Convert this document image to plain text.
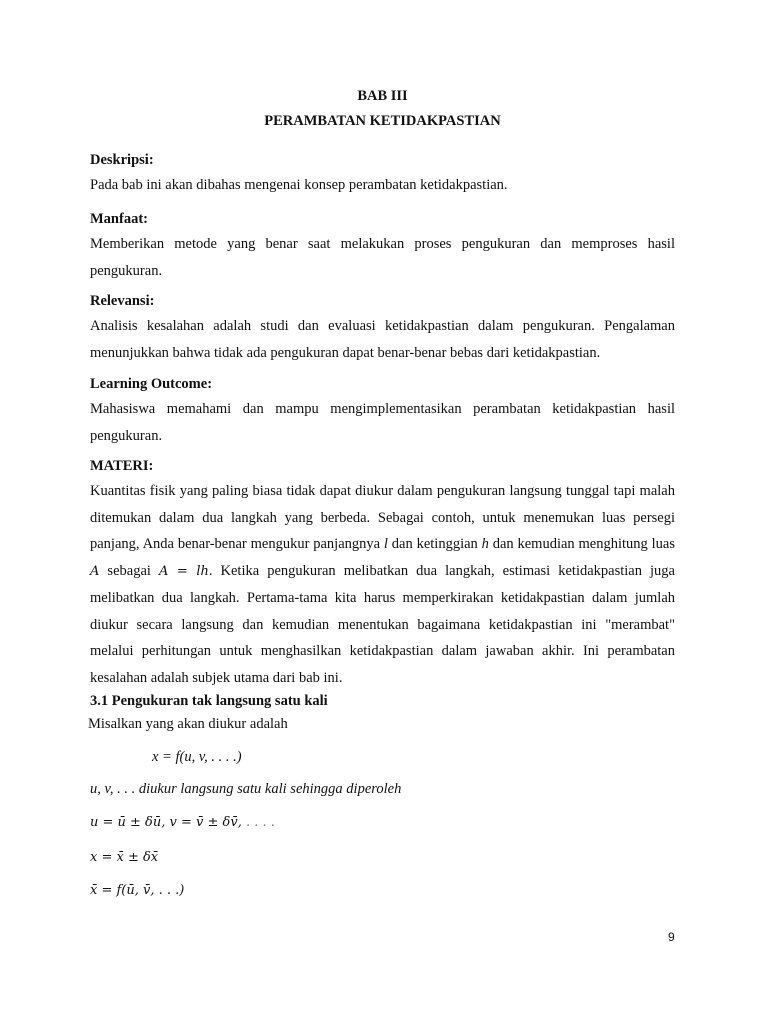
BAB III
PERAMBATAN KETIDAKPASTIAN
Deskripsi:
Pada bab ini akan dibahas mengenai konsep perambatan ketidakpastian.
Manfaat:
Memberikan metode yang benar saat melakukan proses pengukuran dan memproses hasil pengukuran.
Relevansi:
Analisis kesalahan adalah studi dan evaluasi ketidakpastian dalam pengukuran. Pengalaman menunjukkan bahwa tidak ada pengukuran dapat benar-benar bebas dari ketidakpastian.
Learning Outcome:
Mahasiswa memahami dan mampu mengimplementasikan perambatan ketidakpastian hasil pengukuran.
MATERI:
Kuantitas fisik yang paling biasa tidak dapat diukur dalam pengukuran langsung tunggal tapi malah ditemukan dalam dua langkah yang berbeda. Sebagai contoh, untuk menemukan luas persegi panjang, Anda benar-benar mengukur panjangnya l dan ketinggian h dan kemudian menghitung luas A sebagai A = lh. Ketika pengukuran melibatkan dua langkah, estimasi ketidakpastian juga melibatkan dua langkah. Pertama-tama kita harus memperkirakan ketidakpastian dalam jumlah diukur secara langsung dan kemudian menentukan bagaimana ketidakpastian ini "merambat" melalui perhitungan untuk menghasilkan ketidakpastian dalam jawaban akhir. Ini perambatan kesalahan adalah subjek utama dari bab ini.
3.1 Pengukuran tak langsung satu kali
Misalkan yang akan diukur adalah
x = f(u, v, . . . .)
u, v, . . . diukur langsung satu kali sehingga diperoleh
u = ū ± δū, v = v̄ ± δv̄, . . . .
x = x̄ ± δx̄
x̄ = f(ū, v̄, . . .)
9
